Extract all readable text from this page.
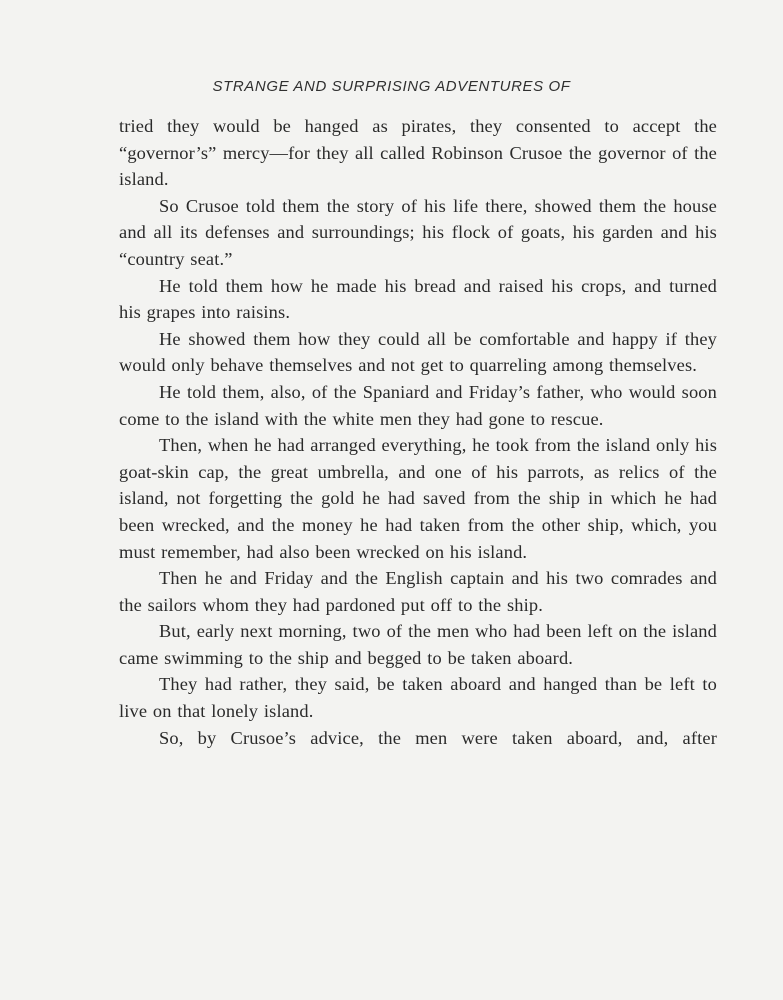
STRANGE AND SURPRISING ADVENTURES OF

tried they would be hanged as pirates, they consented to accept the “governor’s” mercy—for they all called Robinson Crusoe the governor of the island.

So Crusoe told them the story of his life there, showed them the house and all its defenses and surroundings; his flock of goats, his garden and his “country seat.”

He told them how he made his bread and raised his crops, and turned his grapes into raisins.

He showed them how they could all be comfortable and happy if they would only behave themselves and not get to quarreling among themselves.

He told them, also, of the Spaniard and Friday’s father, who would soon come to the island with the white men they had gone to rescue.

Then, when he had arranged everything, he took from the island only his goat-skin cap, the great umbrella, and one of his parrots, as relics of the island, not forgetting the gold he had saved from the ship in which he had been wrecked, and the money he had taken from the other ship, which, you must remember, had also been wrecked on his island.

Then he and Friday and the English captain and his two comrades and the sailors whom they had pardoned put off to the ship.

But, early next morning, two of the men who had been left on the island came swimming to the ship and begged to be taken aboard.

They had rather, they said, be taken aboard and hanged than be left to live on that lonely island.

So, by Crusoe’s advice, the men were taken aboard, and, after
